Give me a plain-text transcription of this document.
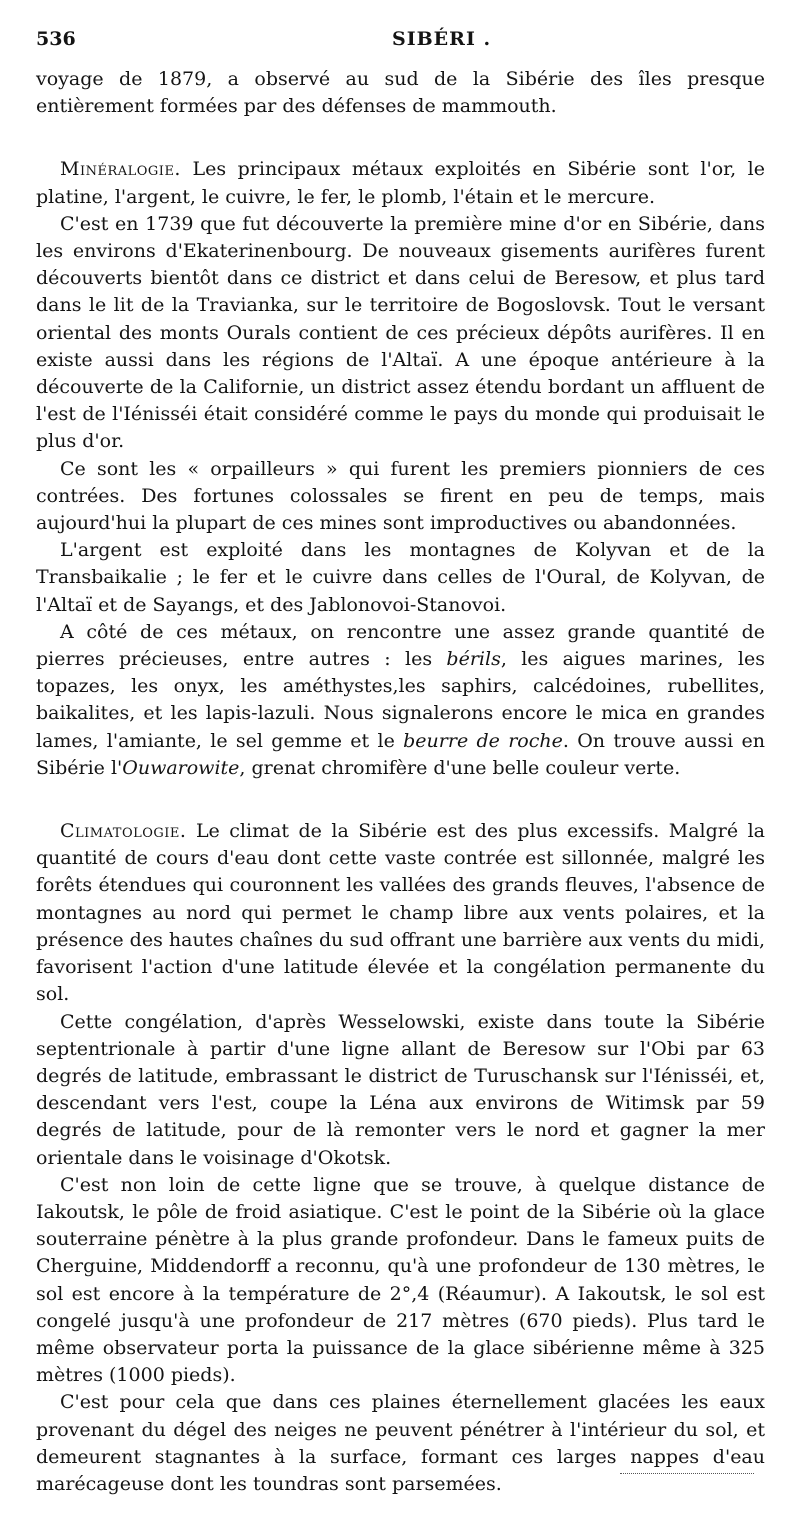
536	SIBÉRI .

voyage de 1879, a observé au sud de la Sibérie des îles presque entièrement formées par des défenses de mammouth.

Minéralogie. Les principaux métaux exploités en Sibérie sont l'or, le platine, l'argent, le cuivre, le fer, le plomb, l'étain et le mercure.

C'est en 1739 que fut découverte la première mine d'or en Sibérie, dans les environs d'Ekaterinenbourg. De nouveaux gisements aurifères furent découverts bientôt dans ce district et dans celui de Beresow, et plus tard dans le lit de la Travianka, sur le territoire de Bogoslovsk. Tout le versant oriental des monts Ourals contient de ces précieux dépôts aurifères. Il en existe aussi dans les régions de l'Altaï. A une époque antérieure à la découverte de la Californie, un district assez étendu bordant un affluent de l'est de l'Iénisséi était considéré comme le pays du monde qui produisait le plus d'or.

Ce sont les « orpailleurs » qui furent les premiers pionniers de ces contrées. Des fortunes colossales se firent en peu de temps, mais aujourd'hui la plupart de ces mines sont improductives ou abandonnées.

L'argent est exploité dans les montagnes de Kolyvan et de la Transbaikalie ; le fer et le cuivre dans celles de l'Oural, de Kolyvan, de l'Altaï et de Sayangs, et des Jablonovoi-Stanovoi.

A côté de ces métaux, on rencontre une assez grande quantité de pierres précieuses, entre autres : les bérils, les aigues marines, les topazes, les onyx, les améthystes,les saphirs, calcédoines, rubellites, baikalites, et les lapis-lazuli. Nous signalerons encore le mica en grandes lames, l'amiante, le sel gemme et le beurre de roche. On trouve aussi en Sibérie l'Ouwarowite, grenat chromifère d'une belle couleur verte.

Climatologie. Le climat de la Sibérie est des plus excessifs. Malgré la quantité de cours d'eau dont cette vaste contrée est sillonnée, malgré les forêts étendues qui couronnent les vallées des grands fleuves, l'absence de montagnes au nord qui permet le champ libre aux vents polaires, et la présence des hautes chaînes du sud offrant une barrière aux vents du midi, favorisent l'action d'une latitude élevée et la congélation permanente du sol.

Cette congélation, d'après Wesselowski, existe dans toute la Sibérie septentrionale à partir d'une ligne allant de Beresow sur l'Obi par 63 degrés de latitude, embrassant le district de Turuschansk sur l'Iénisséi, et, descendant vers l'est, coupe la Léna aux environs de Witimsk par 59 degrés de latitude, pour de là remonter vers le nord et gagner la mer orientale dans le voisinage d'Okotsk.

C'est non loin de cette ligne que se trouve, à quelque distance de Iakoutsk, le pôle de froid asiatique. C'est le point de la Sibérie où la glace souterraine pénètre à la plus grande profondeur. Dans le fameux puits de Cherguine, Middendorff a reconnu, qu'à une profondeur de 130 mètres, le sol est encore à la température de 2°,4 (Réaumur). A Iakoutsk, le sol est congelé jusqu'à une profondeur de 217 mètres (670 pieds). Plus tard le même observateur porta la puissance de la glace sibérienne même à 325 mètres (1000 pieds).

C'est pour cela que dans ces plaines éternellement glacées les eaux provenant du dégel des neiges ne peuvent pénétrer à l'intérieur du sol, et demeurent stagnantes à la surface, formant ces larges nappes d'eau marécageuse dont les toundras sont parsemées.
